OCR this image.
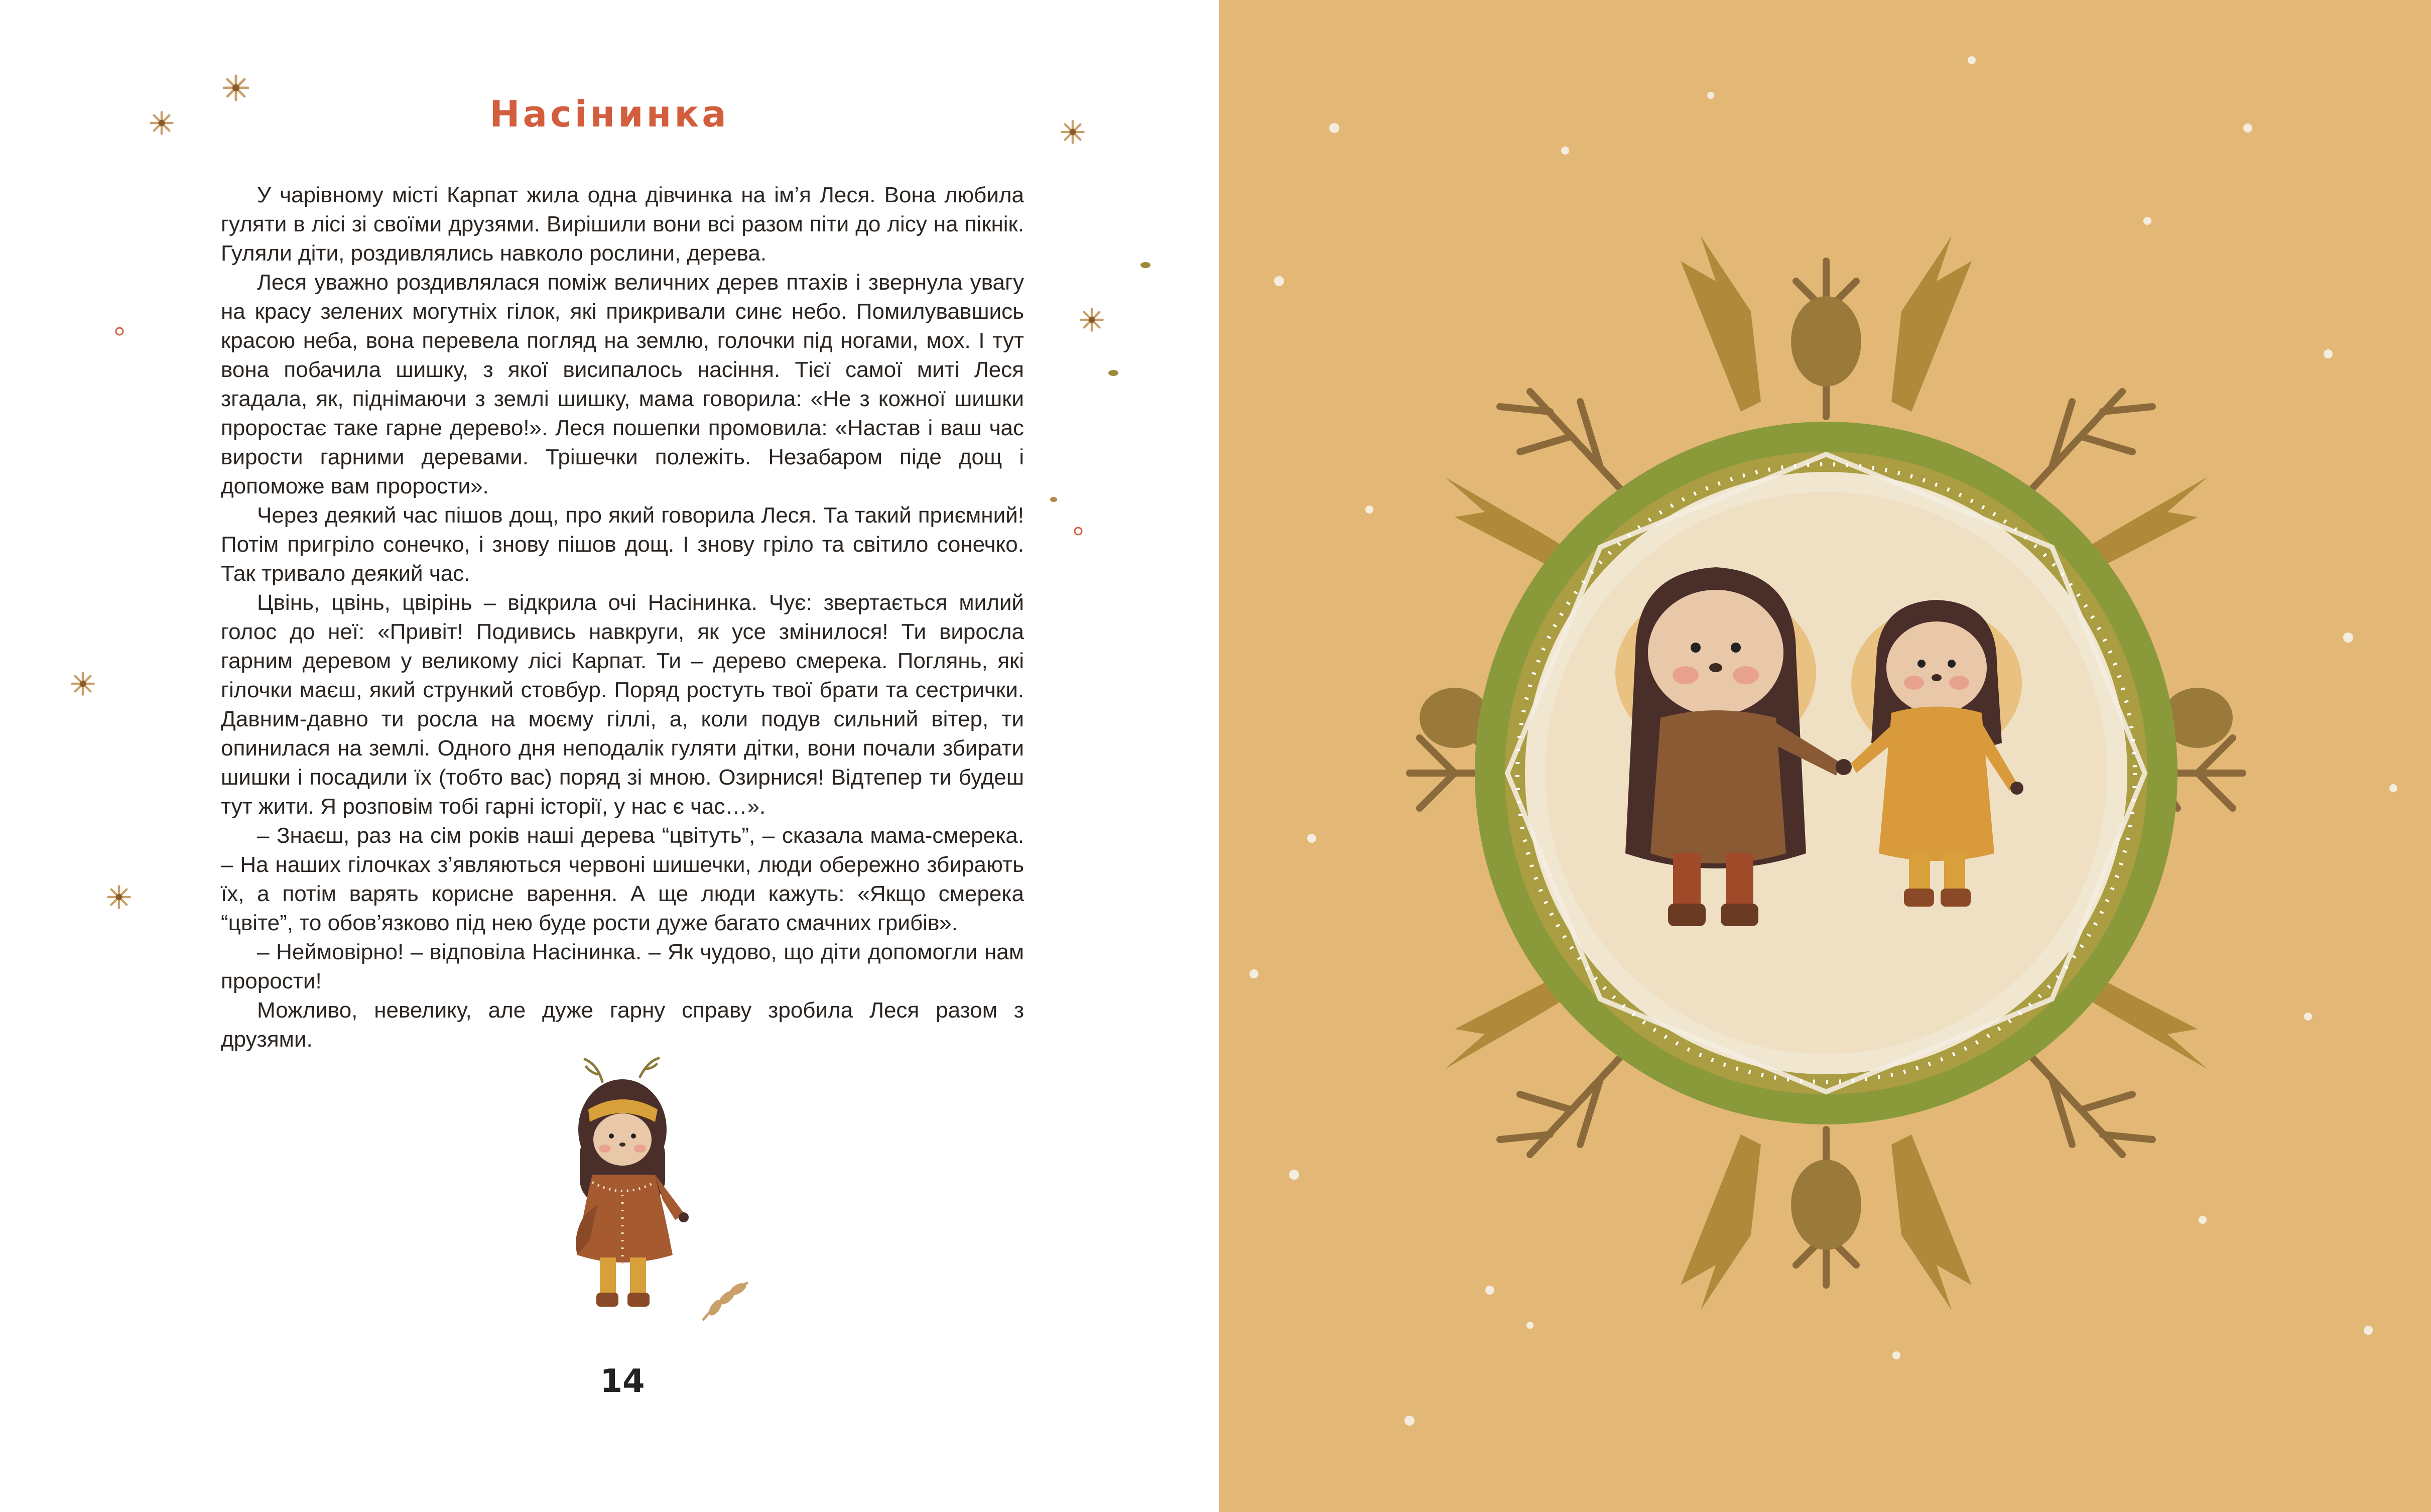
Насінинка

У чарівному місті Карпат жила одна дівчинка на ім’я Леся. Вона любила гуляти в лісі зі своїми друзями. Вирішили вони всі разом піти до лісу на пікнік. Гуляли діти, роздивлялись навколо рослини, дерева.

Леся уважно роздивлялася поміж величних дерев птахів і звернула увагу на красу зелених могутніх гілок, які прикривали синє небо. Помилувавшись красою неба, вона перевела погляд на землю, голочки під ногами, мох. І тут вона побачила шишку, з якої висипалось насіння. Тієї самої миті Леся згадала, як, піднімаючи з землі шишку, мама говорила: «Не з кожної шишки проростає таке гарне дерево!». Леся пошепки промовила: «Настав і ваш час вирости гарними деревами. Трішечки полежіть. Незабаром піде дощ і допоможе вам прорости».

Через деякий час пішов дощ, про який говорила Леся. Та такий приємний! Потім пригріло сонечко, і знову пішов дощ. І знову гріло та світило сонечко. Так тривало деякий час.

Цвінь, цвінь, цвірінь – відкрила очі Насінинка. Чує: звертається милий голос до неї: «Привіт! Подивись навкруги, як усе змінилося! Ти виросла гарним деревом у великому лісі Карпат. Ти – дерево смерека. Поглянь, які гілочки маєш, який стрункий стовбур. Поряд ростуть твої брати та сестрички. Давним-давно ти росла на моєму гіллі, а, коли подув сильний вітер, ти опинилася на землі. Одного дня неподалік гуляти дітки, вони почали збирати шишки і посадили їх (тобто вас) поряд зі мною. Озирнися! Відтепер ти будеш тут жити. Я розповім тобі гарні історії, у нас є час…».

– Знаєш, раз на сім років наші дерева “цвітуть”, – сказала мама-смерека. – На наших гілочках з’являються червоні шишечки, люди обережно збирають їх, а потім варять корисне варення. А ще люди кажуть: «Якщо смерека “цвіте”, то обов’язково під нею буде рости дуже багато смачних грибів».

– Неймовірно! – відповіла Насінинка. – Як чудово, що діти допомогли нам прорости!

Можливо, невелику, але дуже гарну справу зробила Леся разом з друзями.

14
